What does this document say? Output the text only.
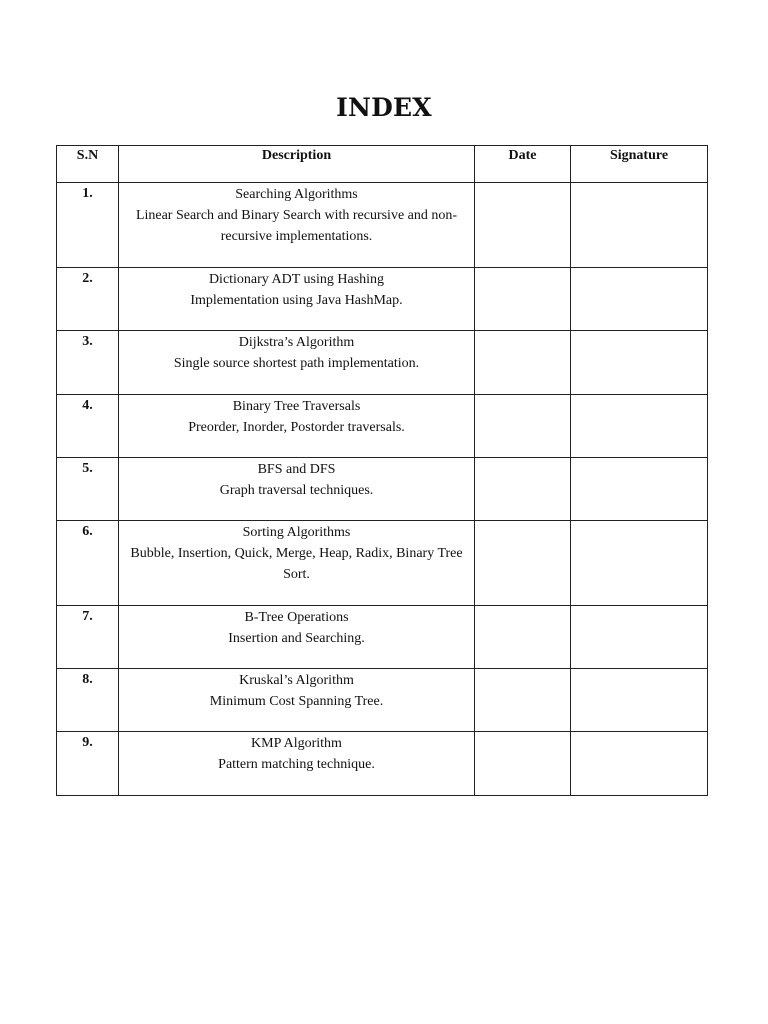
INDEX
S.N	Description	Date	Signature
1.	Searching Algorithms
Linear Search and Binary Search with recursive and non-recursive implementations.		

2.	Dictionary ADT using Hashing
Implementation using Java HashMap.		

3.	Dijkstra’s Algorithm
Single source shortest path implementation.		

4.	Binary Tree Traversals
Preorder, Inorder, Postorder traversals.		

5.	BFS and DFS
Graph traversal techniques.		

6.	Sorting Algorithms
Bubble, Insertion, Quick, Merge, Heap, Radix, Binary Tree Sort.		

7.	B-Tree Operations
Insertion and Searching.		

8.	Kruskal’s Algorithm
Minimum Cost Spanning Tree.		

9.	KMP Algorithm
Pattern matching technique.		
